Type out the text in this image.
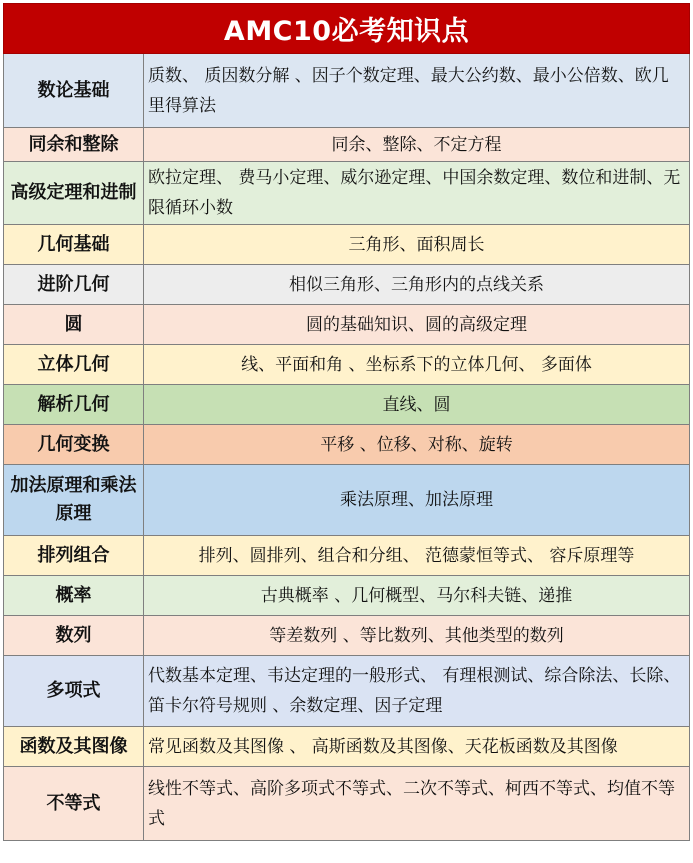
AMC10必考知识点	
数论基础	质数、 质因数分解 、因子个数定理、最大公约数、最小公倍数、欧几里得算法
同余和整除	同余、整除、不定方程
高级定理和进制	欧拉定理、 费马小定理、威尔逊定理、中国余数定理、数位和进制、无限循环小数
几何基础	三角形、面积周长
进阶几何	相似三角形、三角形内的点线关系
圆	圆的基础知识、圆的高级定理
立体几何	线、平面和角 、坐标系下的立体几何、 多面体
解析几何	直线、圆
几何变换	平移 、位移、对称、旋转
加法原理和乘法原理	乘法原理、加法原理
排列组合	排列、圆排列、组合和分组、 范德蒙恒等式、 容斥原理等
概率	古典概率 、几何概型、马尔科夫链、递推
数列	等差数列 、等比数列、其他类型的数列
多项式	代数基本定理、韦达定理的一般形式、 有理根测试、综合除法、长除、笛卡尔符号规则 、余数定理、因子定理
函数及其图像	常见函数及其图像 、 高斯函数及其图像、天花板函数及其图像
不等式	线性不等式、高阶多项式不等式、二次不等式、柯西不等式、均值不等式
